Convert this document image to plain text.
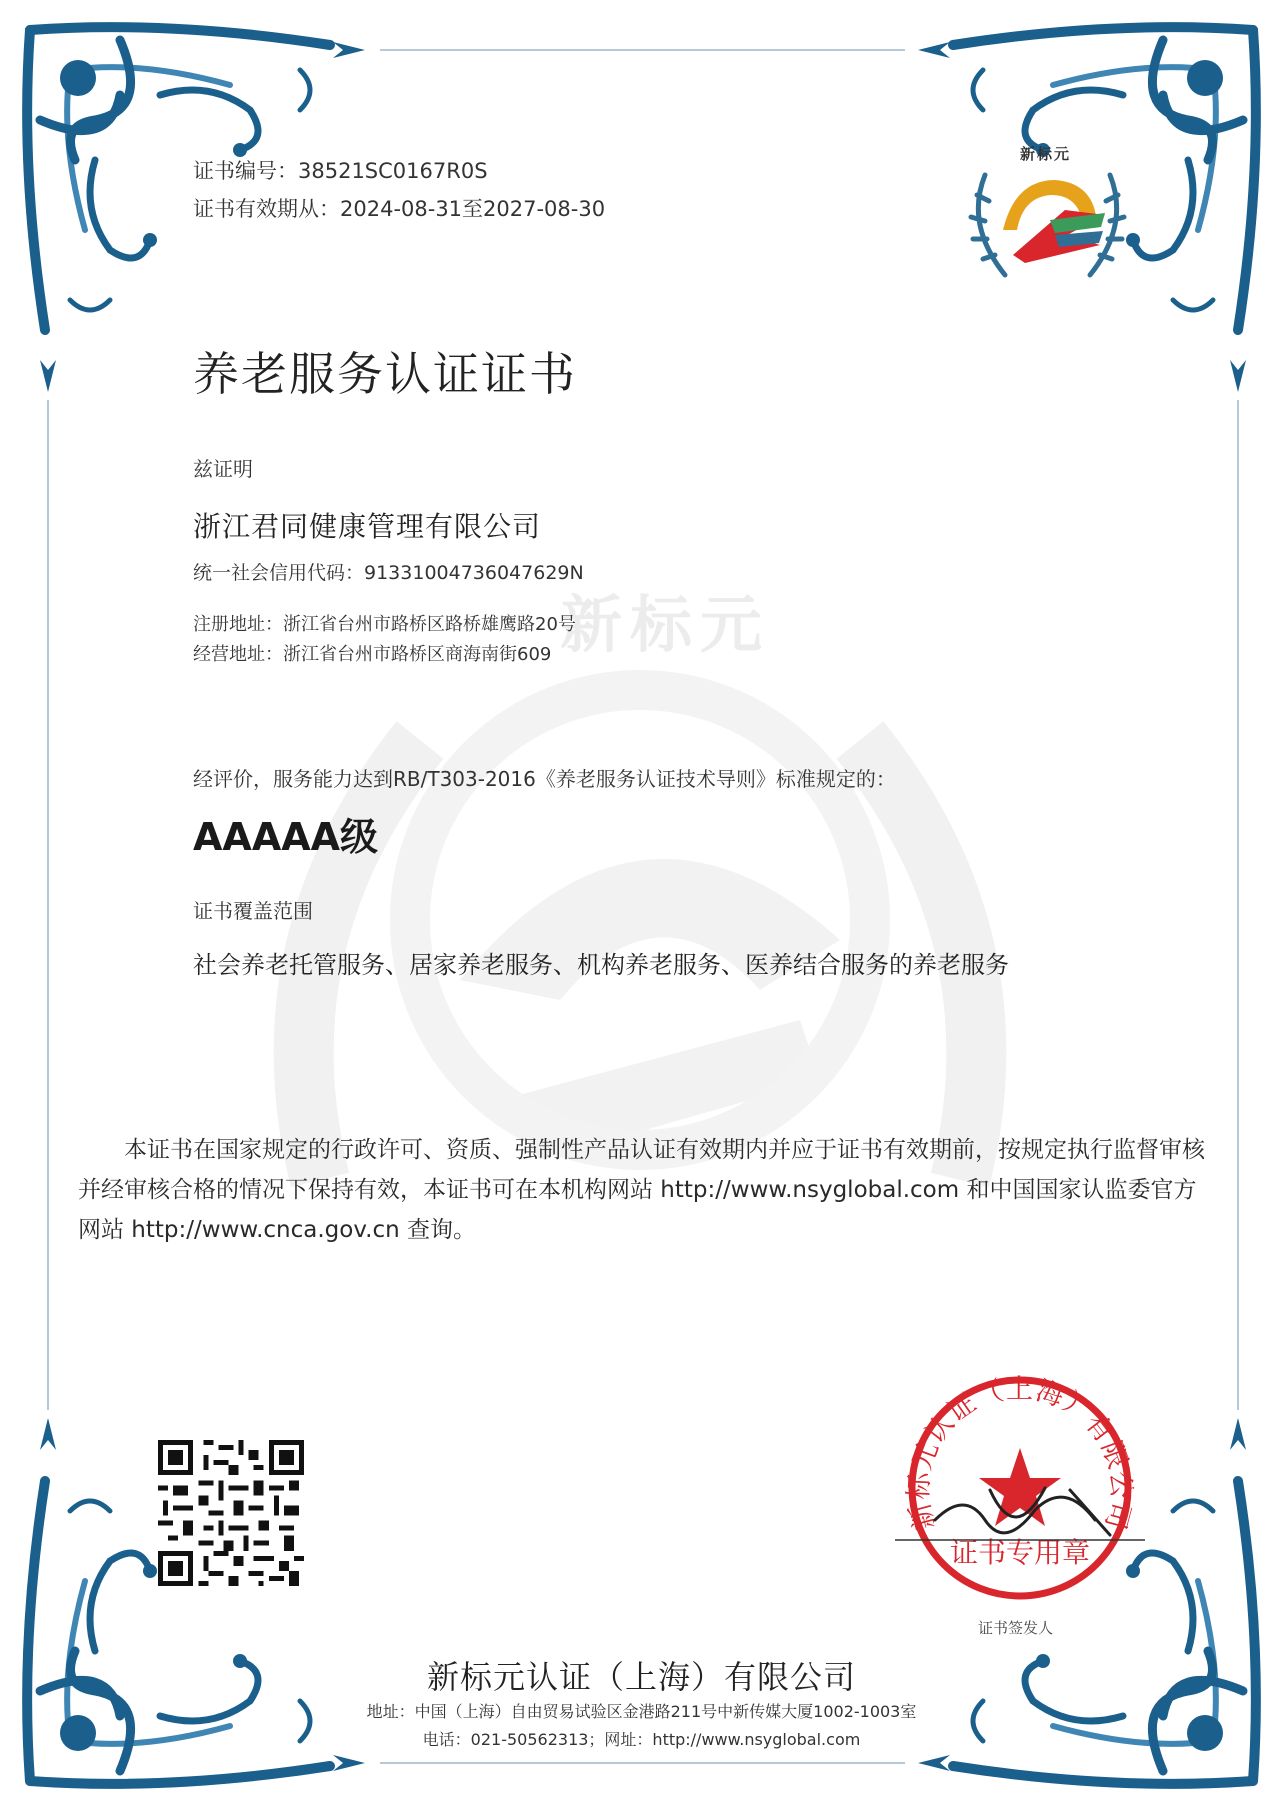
新标元
新标元
证书编号：38521SC0167R0S
证书有效期从：2024-08-31至2027-08-30
养老服务认证证书
兹证明
浙江君同健康管理有限公司
统一社会信用代码：91331004736047629N
注册地址：浙江省台州市路桥区路桥雄鹰路20号
经营地址：浙江省台州市路桥区商海南街609
经评价，服务能力达到RB/T303-2016《养老服务认证技术导则》标准规定的：
AAAAA级
证书覆盖范围
社会养老托管服务、居家养老服务、机构养老服务、医养结合服务的养老服务
本证书在国家规定的行政许可、资质、强制性产品认证有效期内并应于证书有效期前，按规定执行监督审核并经审核合格的情况下保持有效，本证书可在本机构网站 http://www.nsyglobal.com 和中国国家认监委官方网站 http://www.cnca.gov.cn 查询。
新标元认证（上海）有限公司
证书专用章
证书签发人
新标元认证（上海）有限公司
地址：中国（上海）自由贸易试验区金港路211号中新传媒大厦1002-1003室
电话：021-50562313；网址：http://www.nsyglobal.com
